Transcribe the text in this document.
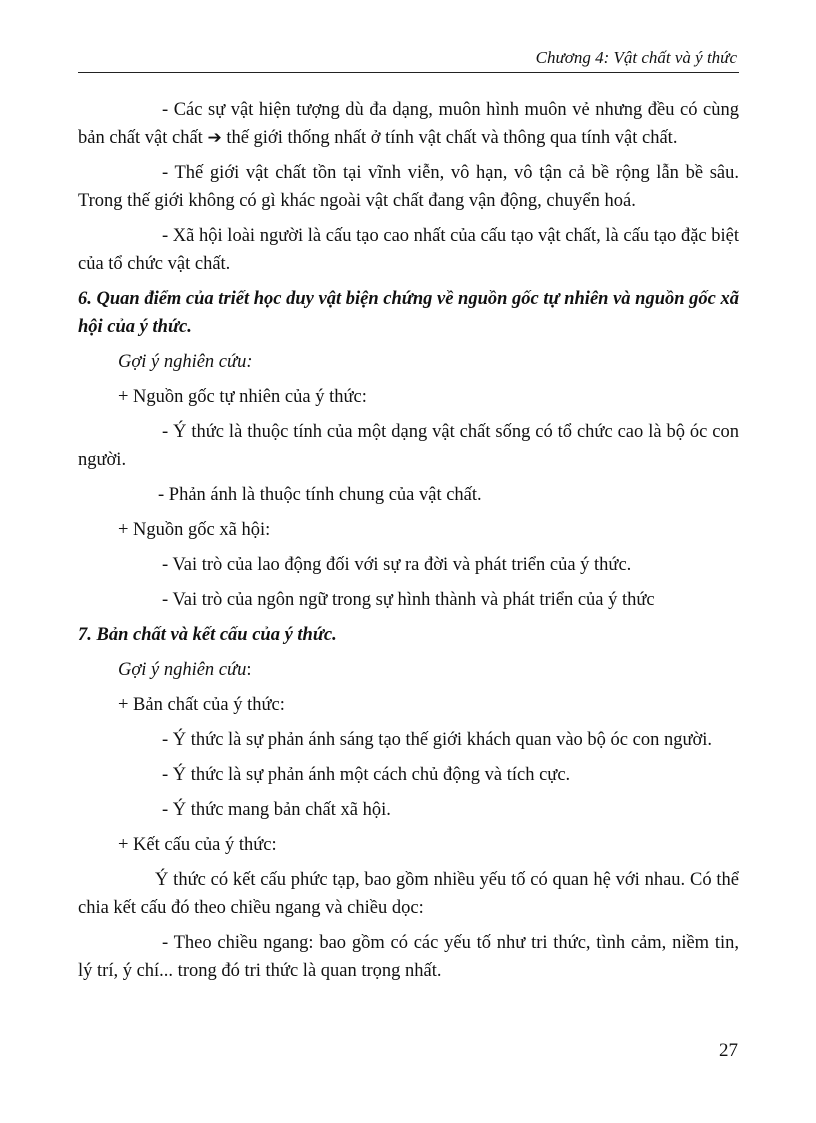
Chương 4: Vật chất và ý thức

- Các sự vật hiện tượng dù đa dạng, muôn hình muôn vẻ nhưng đều có cùng bản chất vật chất ➔ thế giới thống nhất ở tính vật chất và thông qua tính vật chất.

- Thế giới vật chất tồn tại vĩnh viễn, vô hạn, vô tận cả bề rộng lẫn bề sâu. Trong thế giới không có gì khác ngoài vật chất đang vận động, chuyển hoá.

- Xã hội loài người là cấu tạo cao nhất của cấu tạo vật chất, là cấu tạo đặc biệt của tổ chức vật chất.

6. Quan điểm của triết học duy vật biện chứng về nguồn gốc tự nhiên và nguồn gốc xã hội của ý thức.

Gợi ý nghiên cứu:

+ Nguồn gốc tự nhiên của ý thức:

- Ý thức là thuộc tính của một dạng vật chất sống có tổ chức cao là bộ óc con người.

- Phản ánh là thuộc tính chung của vật chất.

+ Nguồn gốc xã hội:

- Vai trò của lao động đối với sự ra đời và phát triển của ý thức.

- Vai trò của ngôn ngữ trong sự hình thành và phát triển của ý thức

7. Bản chất và kết cấu của ý thức.

Gợi ý nghiên cứu:

+ Bản chất của ý thức:

- Ý thức là sự phản ánh sáng tạo thế giới khách quan vào bộ óc con người.

- Ý thức là sự phản ánh một cách chủ động và tích cực.

- Ý thức mang bản chất xã hội.

+ Kết cấu của ý thức:

Ý thức có kết cấu phức tạp, bao gồm nhiều yếu tố có quan hệ với nhau. Có thể chia kết cấu đó theo chiều ngang và chiều dọc:

- Theo chiều ngang: bao gồm có các yếu tố như tri thức, tình cảm, niềm tin, lý trí, ý chí... trong đó tri thức là quan trọng nhất.

27
